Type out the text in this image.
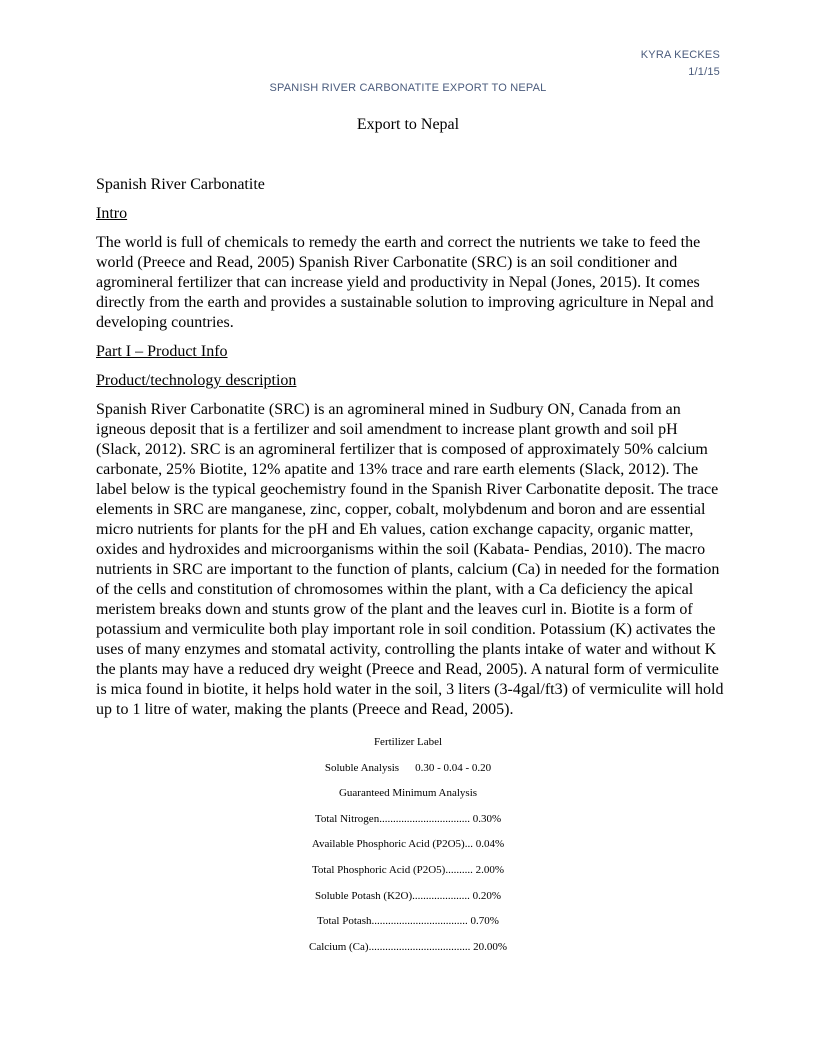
KYRA KECKES
1/1/15
SPANISH RIVER CARBONATITE EXPORT TO NEPAL
Export to Nepal

Spanish River Carbonatite

Intro

The world is full of chemicals to remedy the earth and correct the nutrients we take to feed the world (Preece and Read, 2005) Spanish River Carbonatite (SRC) is an soil conditioner and agromineral fertilizer that can increase yield and productivity in Nepal (Jones, 2015). It comes directly from the earth and provides a sustainable solution to improving agriculture in Nepal and developing countries.

Part I – Product Info

Product/technology description

Spanish River Carbonatite (SRC) is an agromineral mined in Sudbury ON, Canada from an igneous deposit that is a fertilizer and soil amendment to increase plant growth and soil pH (Slack, 2012). SRC is an agromineral fertilizer that is composed of approximately 50% calcium carbonate, 25% Biotite, 12% apatite and 13% trace and rare earth elements (Slack, 2012). The label below is the typical geochemistry found in the Spanish River Carbonatite deposit. The trace elements in SRC are manganese, zinc, copper, cobalt, molybdenum and boron and are essential micro nutrients for plants for the pH and Eh values, cation exchange capacity, organic matter, oxides and hydroxides and microorganisms within the soil (Kabata- Pendias, 2010). The macro nutrients in SRC are important to the function of plants, calcium (Ca) in needed for the formation of the cells and constitution of chromosomes within the plant, with a Ca deficiency the apical meristem breaks down and stunts grow of the plant and the leaves curl in. Biotite is a form of potassium and vermiculite both play important role in soil condition. Potassium (K) activates the uses of many enzymes and stomatal activity, controlling the plants intake of water and without K the plants may have a reduced dry weight (Preece and Read, 2005). A natural form of vermiculite is mica found in biotite, it helps hold water in the soil, 3 liters (3-4gal/ft3) of vermiculite will hold up to 1 litre of water, making the plants (Preece and Read, 2005).

Fertilizer Label
Soluble Analysis 0.30 - 0.04 - 0.20
Guaranteed Minimum Analysis
Total Nitrogen................................. 0.30%
Available Phosphoric Acid (P2O5)... 0.04%
Total Phosphoric Acid (P2O5).......... 2.00%
Soluble Potash (K2O)..................... 0.20%
Total Potash................................... 0.70%
Calcium (Ca)..................................... 20.00%
